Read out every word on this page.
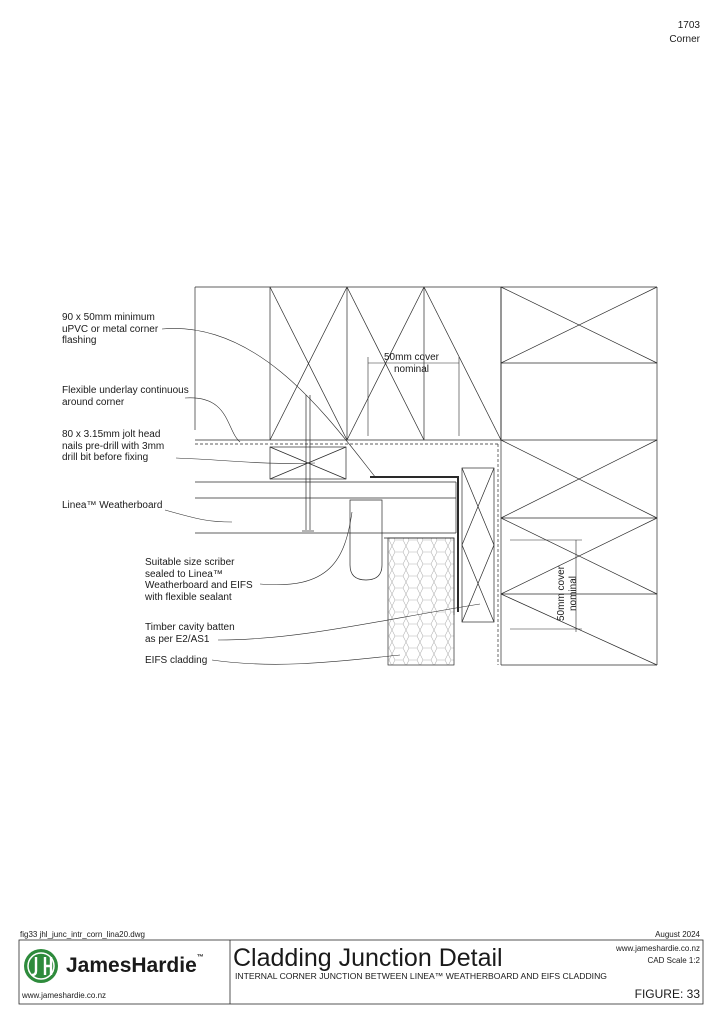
1703
Corner
90 x 50mm minimum
uPVC or metal corner
flashing
Flexible underlay continuous
around corner
80 x 3.15mm jolt head
nails pre-drill with 3mm
drill bit before fixing
Linea™ Weatherboard
Suitable size scriber
sealed to Linea™
Weatherboard and EIFS
with flexible sealant
Timber cavity batten
as per E2/AS1
EIFS cladding
50mm cover
nominal
50mm cover
nominal
fig33 jhl_junc_intr_corn_lina20.dwg	August 2024
JamesHardie™
www.jameshardie.co.nz
Cladding Junction Detail
INTERNAL CORNER JUNCTION BETWEEN LINEA™ WEATHERBOARD AND EIFS CLADDING
www.jameshardie.co.nz
CAD Scale 1:2
FIGURE: 33
